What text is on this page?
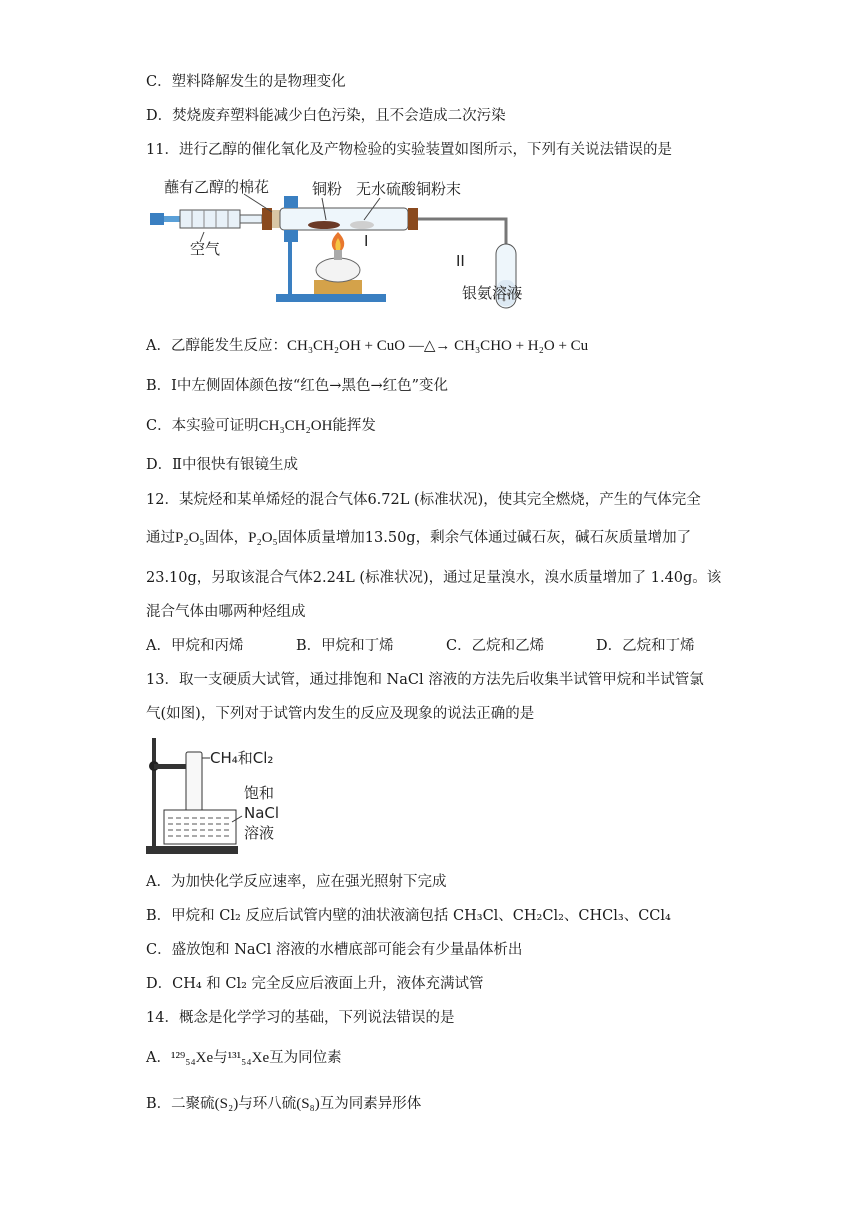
C．塑料降解发生的是物理变化
D．焚烧废弃塑料能减少白色污染，且不会造成二次污染
11．进行乙醇的催化氧化及产物检验的实验装置如图所示，下列有关说法错误的是
蘸有乙醇的棉花	铜粉 无水硫酸铜粉末
空气	I
II
银氨溶液
A．乙醇能发生反应：CH₃CH₂OH + CuO —△→ CH₃CHO + H₂O + Cu
B．Ⅰ中左侧固体颜色按“红色→黑色→红色”变化
C．本实验可证明CH₃CH₂OH能挥发
D．Ⅱ中很快有银镜生成
12．某烷烃和某单烯烃的混合气体6.72L (标准状况)，使其完全燃烧，产生的气体完全
通过P₂O₅固体，P₂O₅固体质量增加13.50g，剩余气体通过碱石灰，碱石灰质量增加了
23.10g，另取该混合气体2.24L (标准状况)，通过足量溴水，溴水质量增加了 1.40g。该
混合气体由哪两种烃组成
A．甲烷和丙烯	B．甲烷和丁烯	C．乙烷和乙烯	D．乙烷和丁烯
13．取一支硬质大试管，通过排饱和 NaCl 溶液的方法先后收集半试管甲烷和半试管氯
气(如图)，下列对于试管内发生的反应及现象的说法正确的是
CH₄和Cl₂
饱和
NaCl
溶液
A．为加快化学反应速率，应在强光照射下完成
B．甲烷和 Cl₂ 反应后试管内壁的油状液滴包括 CH₃Cl、CH₂Cl₂、CHCl₃、CCl₄
C．盛放饱和 NaCl 溶液的水槽底部可能会有少量晶体析出
D．CH₄ 和 Cl₂ 完全反应后液面上升，液体充满试管
14．概念是化学学习的基础，下列说法错误的是
A．¹²⁹₅₄Xe与¹³¹₅₄Xe互为同位素
B．二聚硫(S₂)与环八硫(S₈)互为同素异形体
